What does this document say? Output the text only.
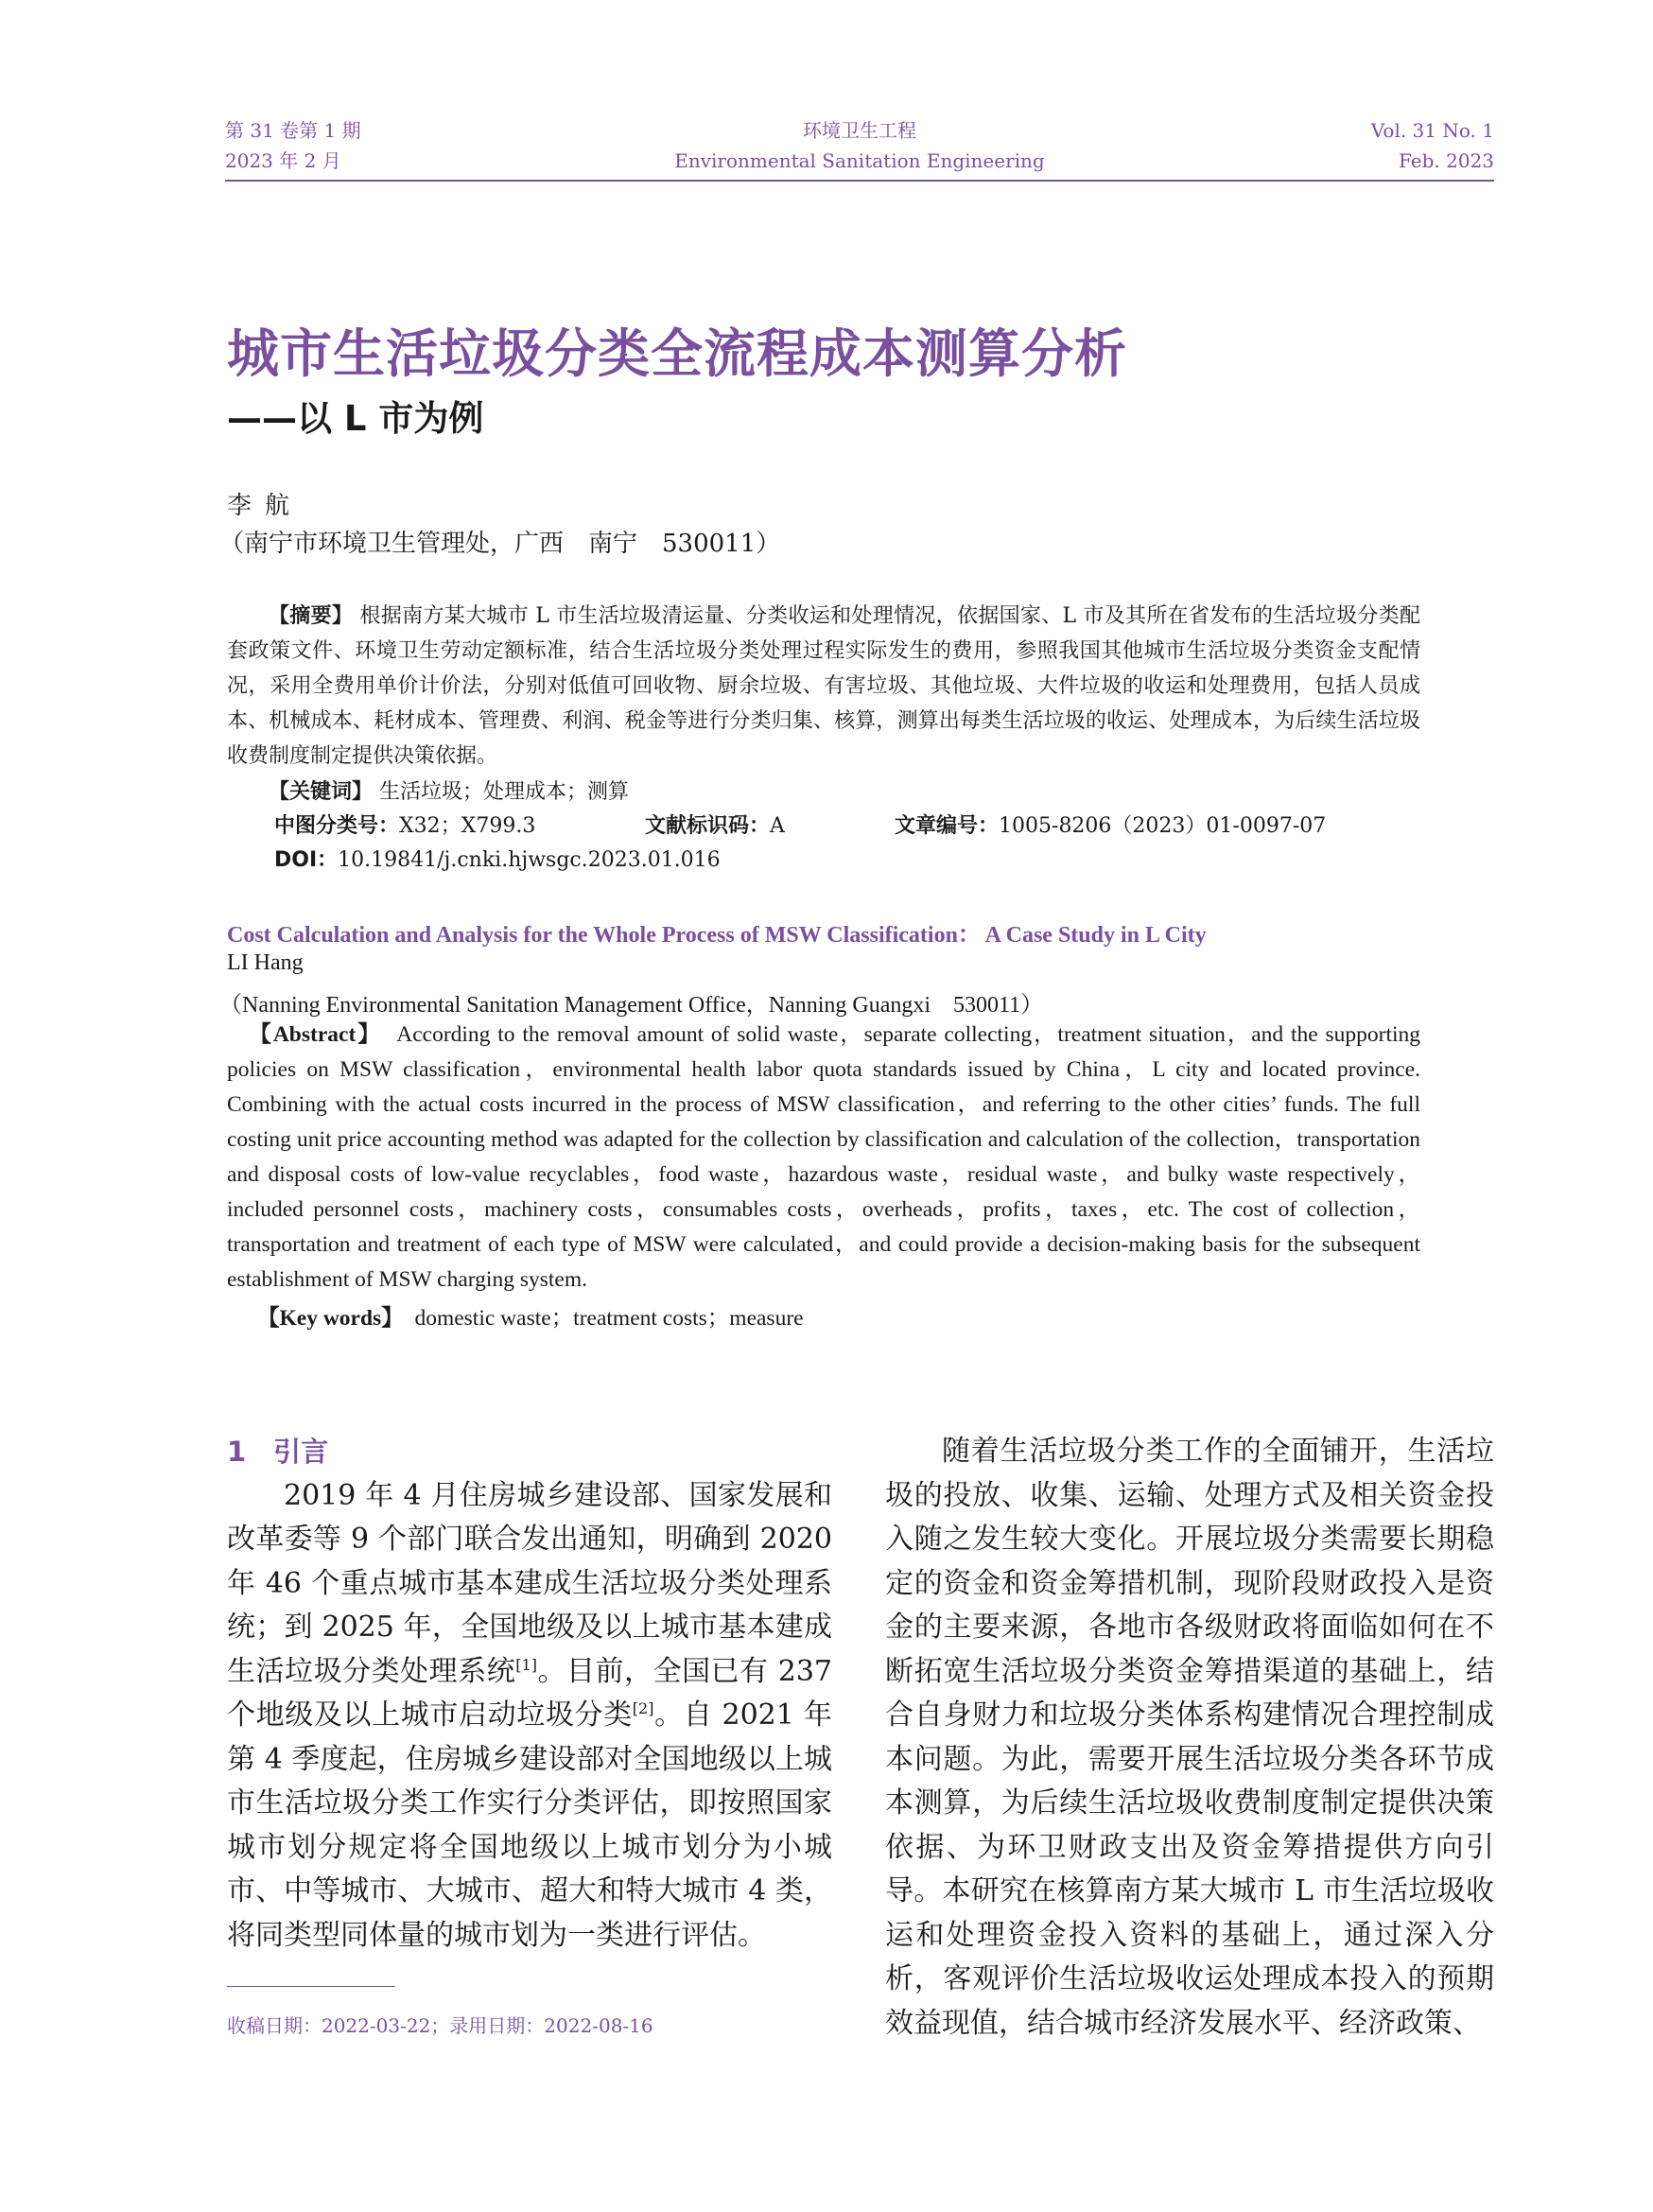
第 31 卷第 1 期
2023 年 2 月
环境卫生工程
Environmental Sanitation Engineering
Vol. 31 No. 1
Feb. 2023
城市生活垃圾分类全流程成本测算分析
——以 L 市为例
李航
（南宁市环境卫生管理处，广西　南宁　530011）

【摘要】 根据南方某大城市 L 市生活垃圾清运量、分类收运和处理情况，依据国家、L 市及其所在省发布的生活垃圾分类配套政策文件、环境卫生劳动定额标准，结合生活垃圾分类处理过程实际发生的费用，参照我国其他城市生活垃圾分类资金支配情况，采用全费用单价计价法，分别对低值可回收物、厨余垃圾、有害垃圾、其他垃圾、大件垃圾的收运和处理费用，包括人员成本、机械成本、耗材成本、管理费、利润、税金等进行分类归集、核算，测算出每类生活垃圾的收运、处理成本，为后续生活垃圾收费制度制定提供决策依据。

【关键词】 生活垃圾；处理成本；测算
中图分类号：X32；X799.3	文献标识码：A	文章编号：1005-8206（2023）01-0097-07
DOI：10.19841/j.cnki.hjwsgc.2023.01.016
Cost Calculation and Analysis for the Whole Process of MSW Classification： A Case Study in L City
LI Hang
（Nanning Environmental Sanitation Management Office，Nanning Guangxi　530011）
【Abstract】 According to the removal amount of solid waste，separate collecting，treatment situation，and the supporting policies on MSW classification，environmental health labor quota standards issued by China，L city and located province. Combining with the actual costs incurred in the process of MSW classification，and referring to the other cities’ funds. The full costing unit price accounting method was adapted for the collection by classification and calculation of the collection，transportation and disposal costs of low-value recyclables，food waste，hazardous waste，residual waste，and bulky waste respectively，included personnel costs，machinery costs，consumables costs，overheads，profits，taxes，etc. The cost of collection，transportation and treatment of each type of MSW were calculated，and could provide a decision-making basis for the subsequent establishment of MSW charging system.
【Key words】 domestic waste；treatment costs；measure
1　引言

2019 年 4 月住房城乡建设部、国家发展和改革委等 9 个部门联合发出通知，明确到 2020 年 46 个重点城市基本建成生活垃圾分类处理系统；到 2025 年，全国地级及以上城市基本建成生活垃圾分类处理系统[1]。目前，全国已有 237 个地级及以上城市启动垃圾分类[2]。自 2021 年第 4 季度起，住房城乡建设部对全国地级以上城市生活垃圾分类工作实行分类评估，即按照国家城市划分规定将全国地级以上城市划分为小城市、中等城市、大城市、超大和特大城市 4 类，将同类型同体量的城市划为一类进行评估。

随着生活垃圾分类工作的全面铺开，生活垃圾的投放、收集、运输、处理方式及相关资金投入随之发生较大变化。开展垃圾分类需要长期稳定的资金和资金筹措机制，现阶段财政投入是资金的主要来源，各地市各级财政将面临如何在不断拓宽生活垃圾分类资金筹措渠道的基础上，结合自身财力和垃圾分类体系构建情况合理控制成本问题。为此，需要开展生活垃圾分类各环节成本测算，为后续生活垃圾收费制度制定提供决策依据、为环卫财政支出及资金筹措提供方向引导。本研究在核算南方某大城市 L 市生活垃圾收运和处理资金投入资料的基础上，通过深入分析，客观评价生活垃圾收运处理成本投入的预期效益现值，结合城市经济发展水平、经济政策、

收稿日期：2022-03-22；录用日期：2022-08-16
